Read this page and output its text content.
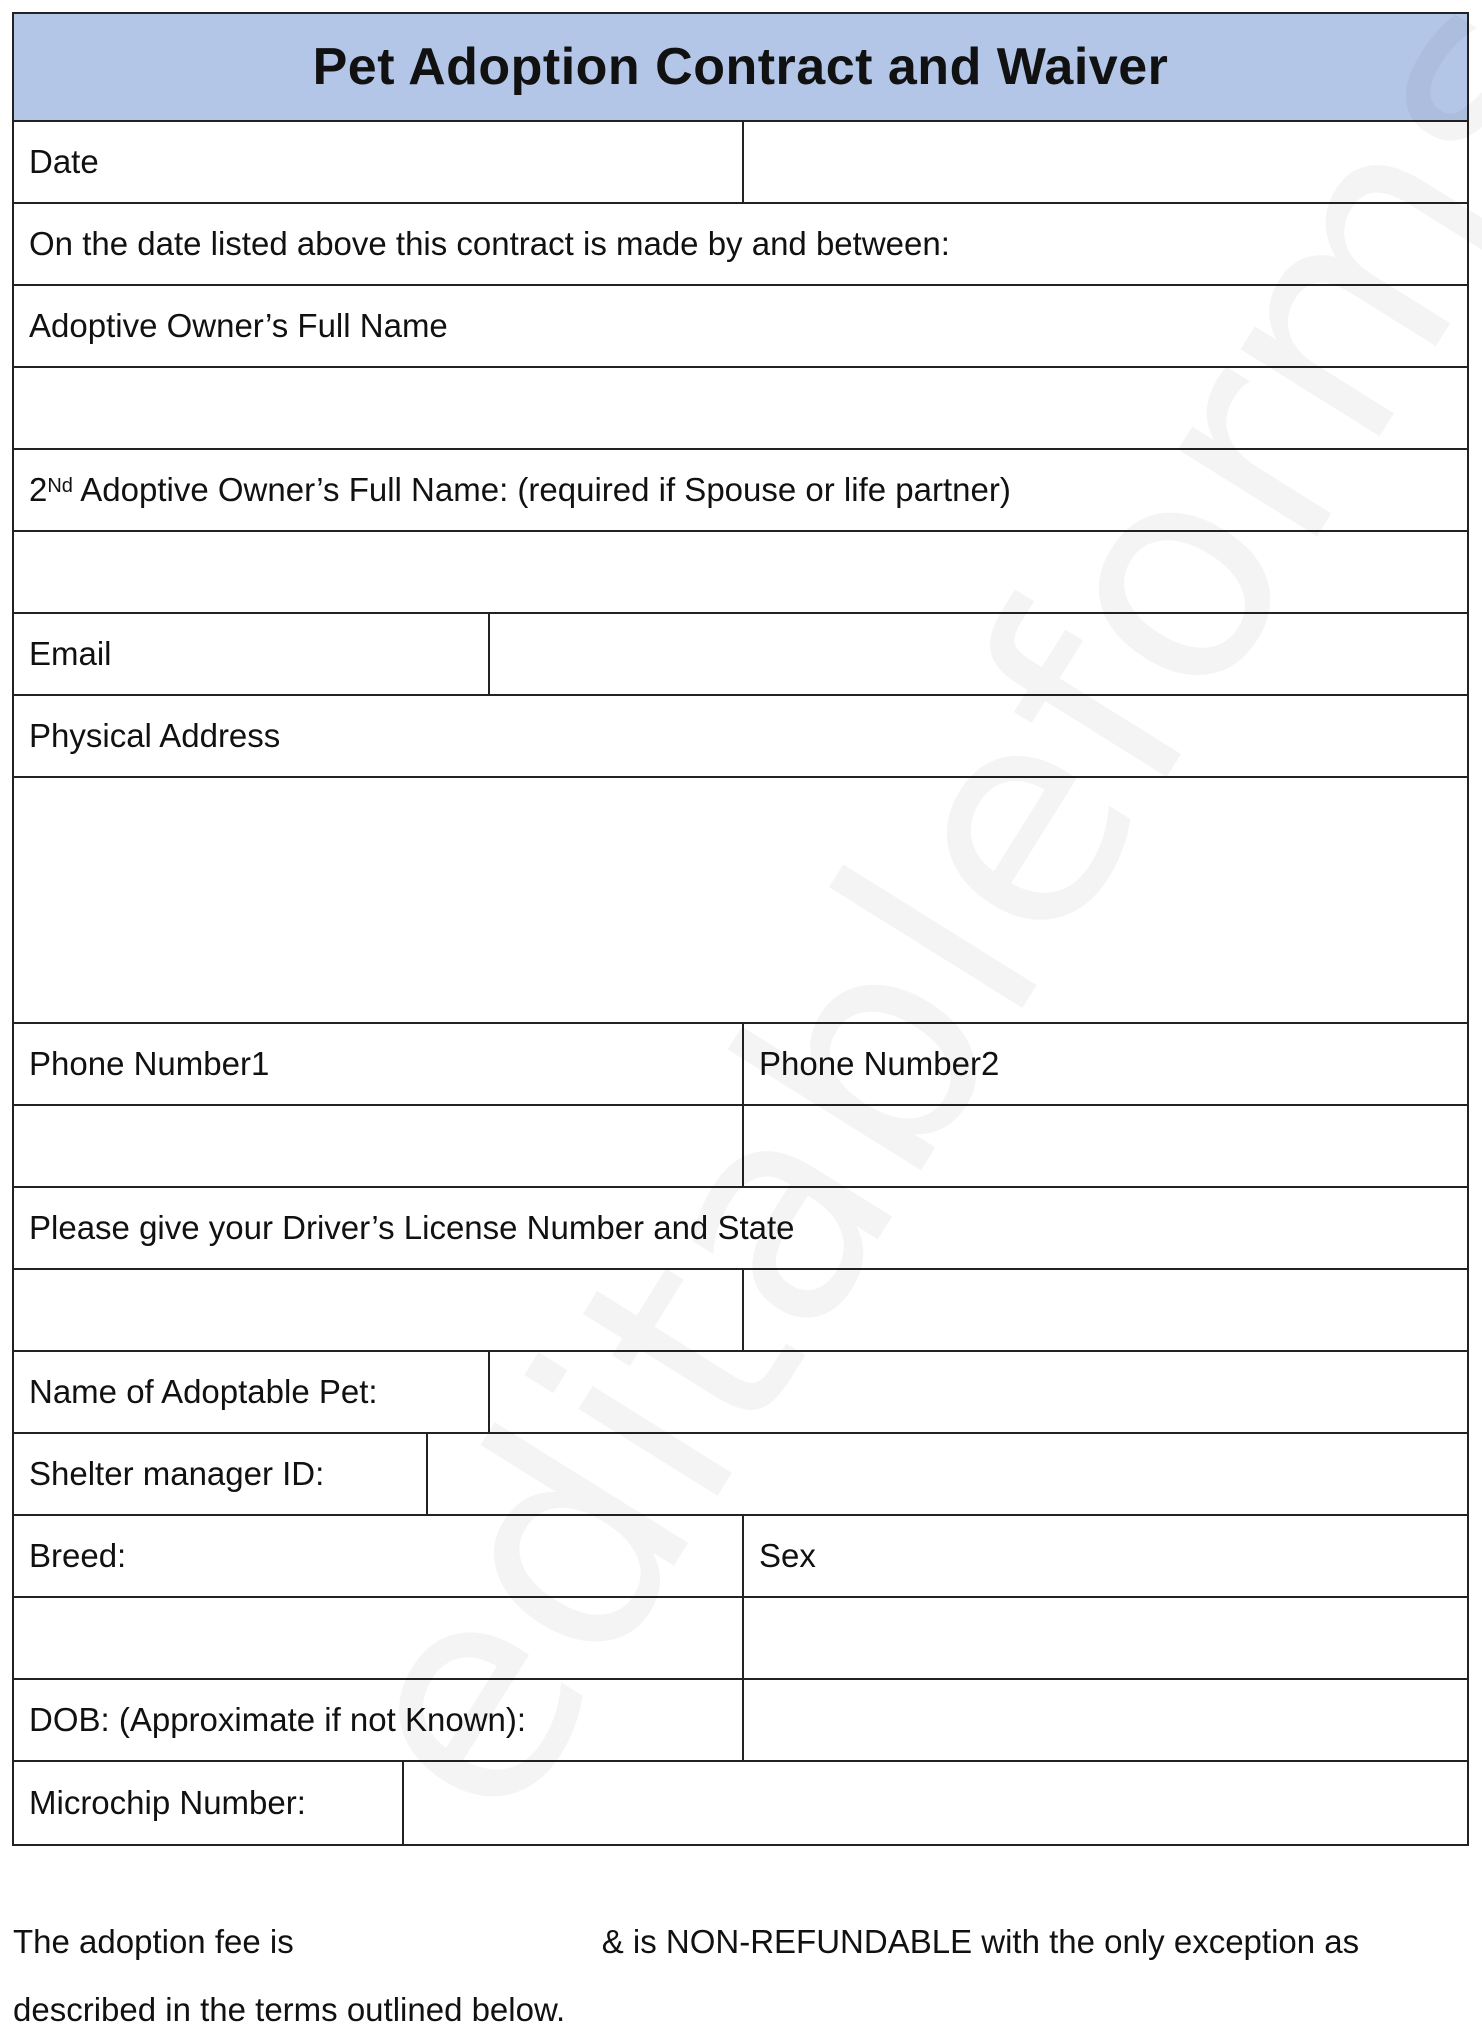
Pet Adoption Contract and Waiver
Date
On the date listed above this contract is made by and between:
Adoptive Owner’s Full Name
2Nd Adoptive Owner’s Full Name: (required if Spouse or life partner)
Email
Physical Address
Phone Number1	Phone Number2
Please give your Driver’s License Number and State
Name of Adoptable Pet:
Shelter manager ID:
Breed:	Sex
DOB: (Approximate if not Known):
Microchip Number:
The adoption fee is	& is NON-REFUNDABLE with the only exception as
described in the terms outlined below.
